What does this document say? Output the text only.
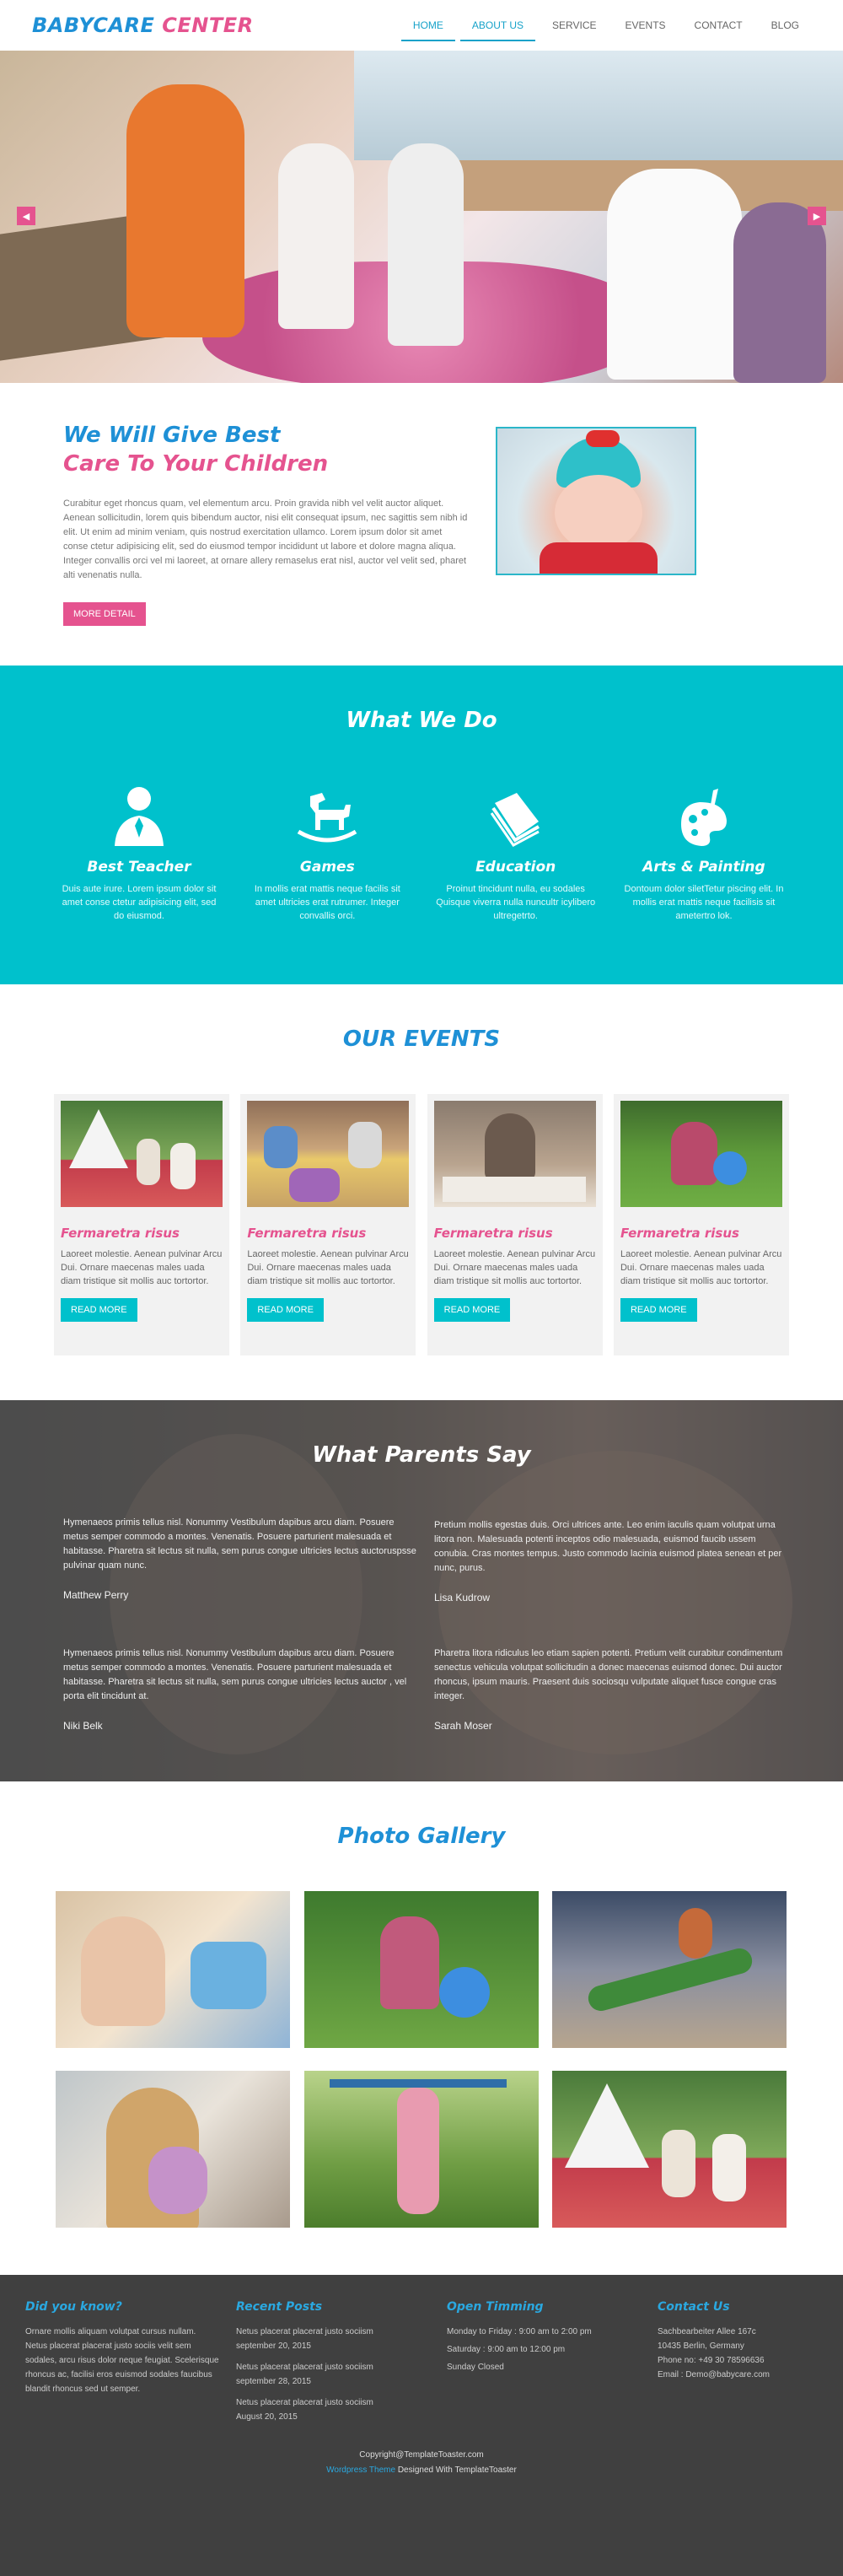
BABYCARE CENTER	HOME	ABOUT US	SERVICE	EVENTS	CONTACT	BLOG
◀	▶
We Will Give Best
Care To Your Children

Curabitur eget rhoncus quam, vel elementum arcu. Proin gravida nibh vel velit auctor aliquet. Aenean sollicitudin, lorem quis bibendum auctor, nisi elit consequat ipsum, nec sagittis sem nibh id elit. Ut enim ad minim veniam, quis nostrud exercitation ullamco. Lorem ipsum dolor sit amet conse ctetur adipisicing elit, sed do eiusmod tempor incididunt ut labore et dolore magna aliqua. Integer convallis orci vel mi laoreet, at ornare allery remaselus erat nisl, auctor vel velit sed, pharet alti venenatis nulla.

MORE DETAIL
What We Do
Best Teacher

Duis aute irure. Lorem ipsum dolor sit amet conse ctetur adipisicing elit, sed do eiusmod.

Games

In mollis erat mattis neque facilis sit amet ultricies erat rutrumer. Integer convallis orci.

Education

Proinut tincidunt nulla, eu sodales Quisque viverra nulla nuncultr icylibero ultregetrto.

Arts & Painting

Dontoum dolor siletTetur piscing elit. In mollis erat mattis neque facilisis sit ametertro lok.

OUR EVENTS
Fermaretra risus

Laoreet molestie. Aenean pulvinar Arcu Dui. Ornare maecenas males uada diam tristique sit mollis auc tortortor.

READ MORE
Fermaretra risus

Laoreet molestie. Aenean pulvinar Arcu Dui. Ornare maecenas males uada diam tristique sit mollis auc tortortor.

READ MORE
Fermaretra risus

Laoreet molestie. Aenean pulvinar Arcu Dui. Ornare maecenas males uada diam tristique sit mollis auc tortortor.

READ MORE
Fermaretra risus

Laoreet molestie. Aenean pulvinar Arcu Dui. Ornare maecenas males uada diam tristique sit mollis auc tortortor.

READ MORE
What Parents Say
Hymenaeos primis tellus nisl. Nonummy Vestibulum dapibus arcu diam. Posuere metus semper commodo a montes. Venenatis. Posuere parturient malesuada et habitasse. Pharetra sit lectus sit nulla, sem purus congue ultricies lectus auctoruspsse pulvinar quam nunc.
Matthew Perry
Pretium mollis egestas duis. Orci ultrices ante. Leo enim iaculis quam volutpat urna litora non. Malesuada potenti inceptos odio malesuada, euismod faucib ussem conubia. Cras montes tempus. Justo commodo lacinia euismod platea senean et per nunc, purus.
Lisa Kudrow
Hymenaeos primis tellus nisl. Nonummy Vestibulum dapibus arcu diam. Posuere metus semper commodo a montes. Venenatis. Posuere parturient malesuada et habitasse. Pharetra sit lectus sit nulla, sem purus congue ultricies lectus auctor , vel porta elit tincidunt at.
Niki Belk
Pharetra litora ridiculus leo etiam sapien potenti. Pretium velit curabitur condimentum senectus vehicula volutpat sollicitudin a donec maecenas euismod donec. Dui auctor rhoncus, ipsum mauris. Praesent duis sociosqu vulputate aliquet fusce congue cras integer.
Sarah Moser
Photo Gallery
Did you know?
Ornare mollis aliquam volutpat cursus nullam. Netus placerat placerat justo sociis velit sem sodales, arcu risus dolor neque feugiat. Scelerisque rhoncus ac, facilisi eros euismod sodales faucibus blandit rhoncus sed ut semper.
Recent Posts
Netus placerat placerat justo sociism
september 20, 2015
Netus placerat placerat justo sociism
september 28, 2015
Netus placerat placerat justo sociism
August 20, 2015
Open Timming
Monday to Friday : 9:00 am to 2:00 pm
Saturday : 9:00 am to 12:00 pm
Sunday Closed
Contact Us
Sachbearbeiter Allee 167c
10435 Berlin, Germany
Phone no: +49 30 78596636
Email : Demo@babycare.com
Copyright@TemplateToaster.com
Wordpress Theme Designed With TemplateToaster
